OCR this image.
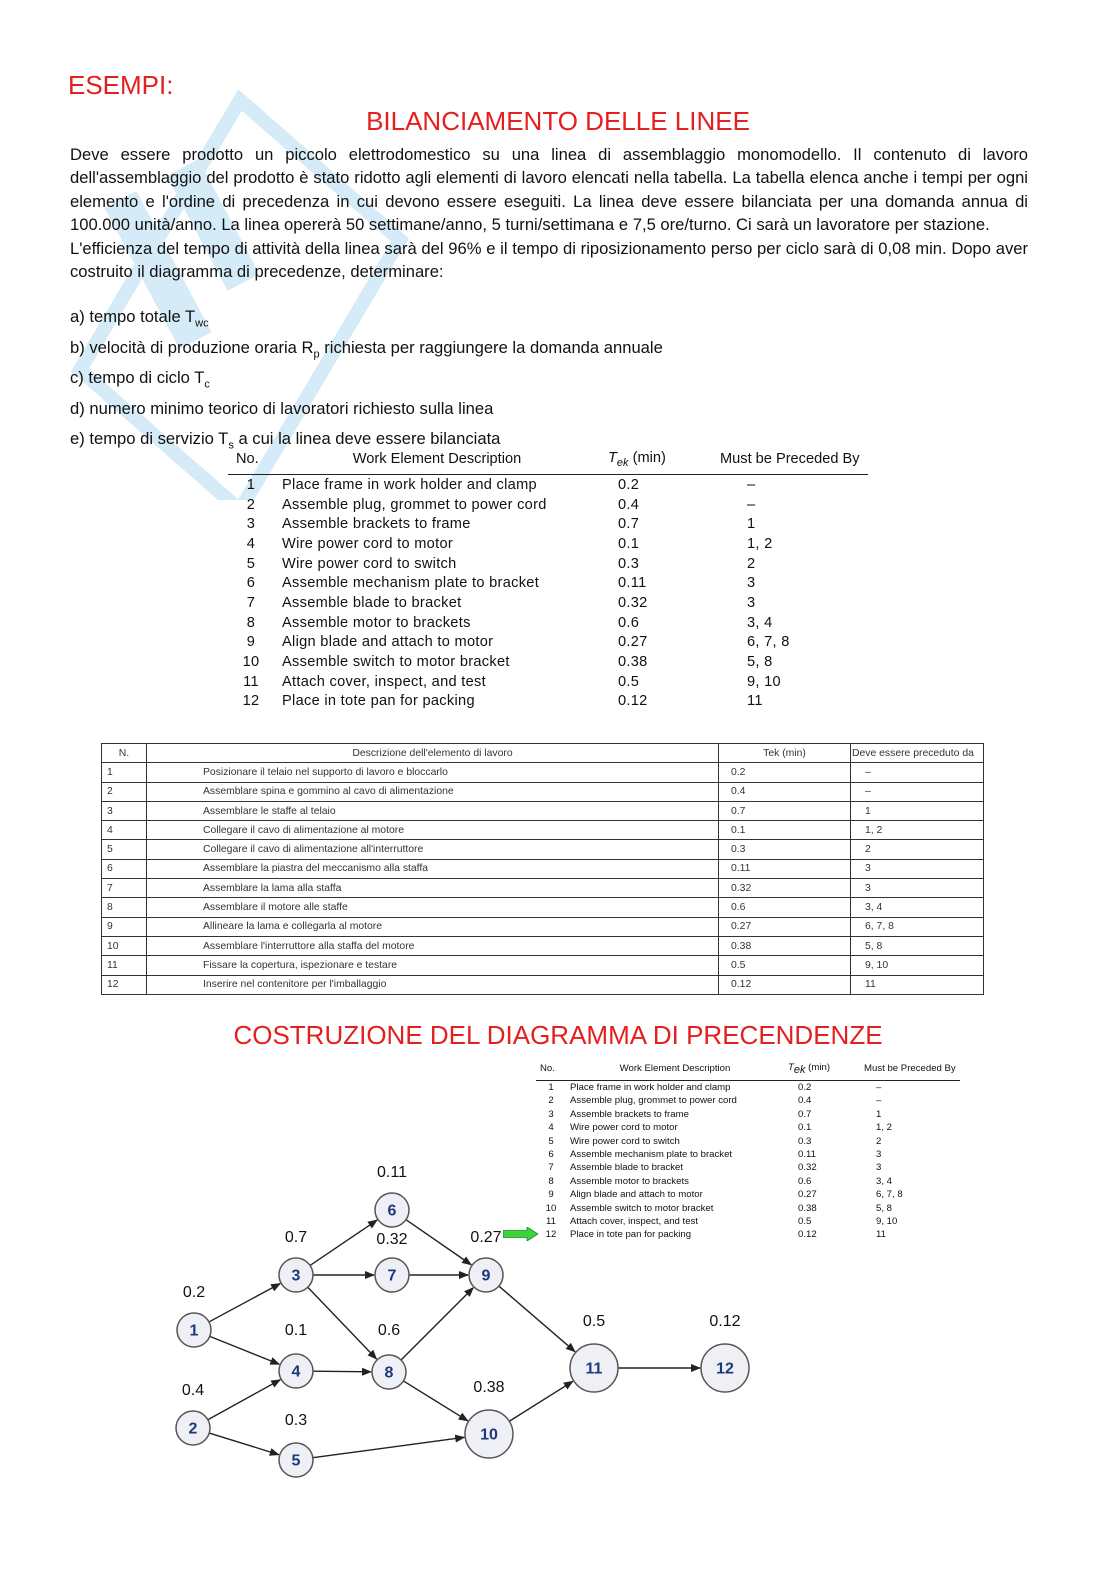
ESEMPI:
BILANCIAMENTO DELLE LINEE

Deve essere prodotto un piccolo elettrodomestico su una linea di assemblaggio monomodello. Il contenuto di lavoro dell'assemblaggio del prodotto è stato ridotto agli elementi di lavoro elencati nella tabella. La tabella elenca anche i tempi per ogni elemento e l'ordine di precedenza in cui devono essere eseguiti. La linea deve essere bilanciata per una domanda annua di 100.000 unità/anno. La linea opererà 50 settimane/anno, 5 turni/settimana e 7,5 ore/turno. Ci sarà un lavoratore per stazione.

L'efficienza del tempo di attività della linea sarà del 96% e il tempo di riposizionamento perso per ciclo sarà di 0,08 min. Dopo aver costruito il diagramma di precedenze, determinare:

a) tempo totale $T_{wc}$
b) velocità di produzione oraria $R_p$ richiesta per raggiungere la domanda annuale
c) tempo di ciclo $T_c$
d) numero minimo teorico di lavoratori richiesto sulla linea
e) tempo di servizio $T_s$ a cui la linea deve essere bilanciata
No.	Work Element Description	$T_{ek}$ (min)	Must be Preceded By
1	Place frame in work holder and clamp	0.2	–
2	Assemble plug, grommet to power cord	0.4	–
3	Assemble brackets to frame	0.7	1
4	Wire power cord to motor	0.1	1, 2
5	Wire power cord to switch	0.3	2
6	Assemble mechanism plate to bracket	0.11	3
7	Assemble blade to bracket	0.32	3
8	Assemble motor to brackets	0.6	3, 4
9	Align blade and attach to motor	0.27	6, 7, 8
10	Assemble switch to motor bracket	0.38	5, 8
11	Attach cover, inspect, and test	0.5	9, 10
12	Place in tote pan for packing	0.12	11
N.	Descrizione dell'elemento di lavoro	Tek (min)	Deve essere preceduto da
1	Posizionare il telaio nel supporto di lavoro e bloccarlo	0.2	–
2	Assemblare spina e gommino al cavo di alimentazione	0.4	–
3	Assemblare le staffe al telaio	0.7	1
4	Collegare il cavo di alimentazione al motore	0.1	1, 2
5	Collegare il cavo di alimentazione all'interruttore	0.3	2
6	Assemblare la piastra del meccanismo alla staffa	0.11	3
7	Assemblare la lama alla staffa	0.32	3
8	Assemblare il motore alle staffe	0.6	3, 4
9	Allineare la lama e collegarla al motore	0.27	6, 7, 8
10	Assemblare l'interruttore alla staffa del motore	0.38	5, 8
11	Fissare la copertura, ispezionare e testare	0.5	9, 10
12	Inserire nel contenitore per l'imballaggio	0.12	11
COSTRUZIONE DEL DIAGRAMMA DI PRECENDENZE
No.	Work Element Description	$T_{ek}$ (min)	Must be Preceded By
1	Place frame in work holder and clamp	0.2	–
2	Assemble plug, grommet to power cord	0.4	–
3	Assemble brackets to frame	0.7	1
4	Wire power cord to motor	0.1	1, 2
5	Wire power cord to switch	0.3	2
6	Assemble mechanism plate to bracket	0.11	3
7	Assemble blade to bracket	0.32	3
8	Assemble motor to brackets	0.6	3, 4
9	Align blade and attach to motor	0.27	6, 7, 8
10	Assemble switch to motor bracket	0.38	5, 8
11	Attach cover, inspect, and test	0.5	9, 10
12	Place in tote pan for packing	0.12	11
1
0.2
2
0.4
3
0.7
4
0.1
5
0.3
6
0.11
7
0.32
8
0.6
9
0.27
10
0.38
11
0.5
12
0.12
